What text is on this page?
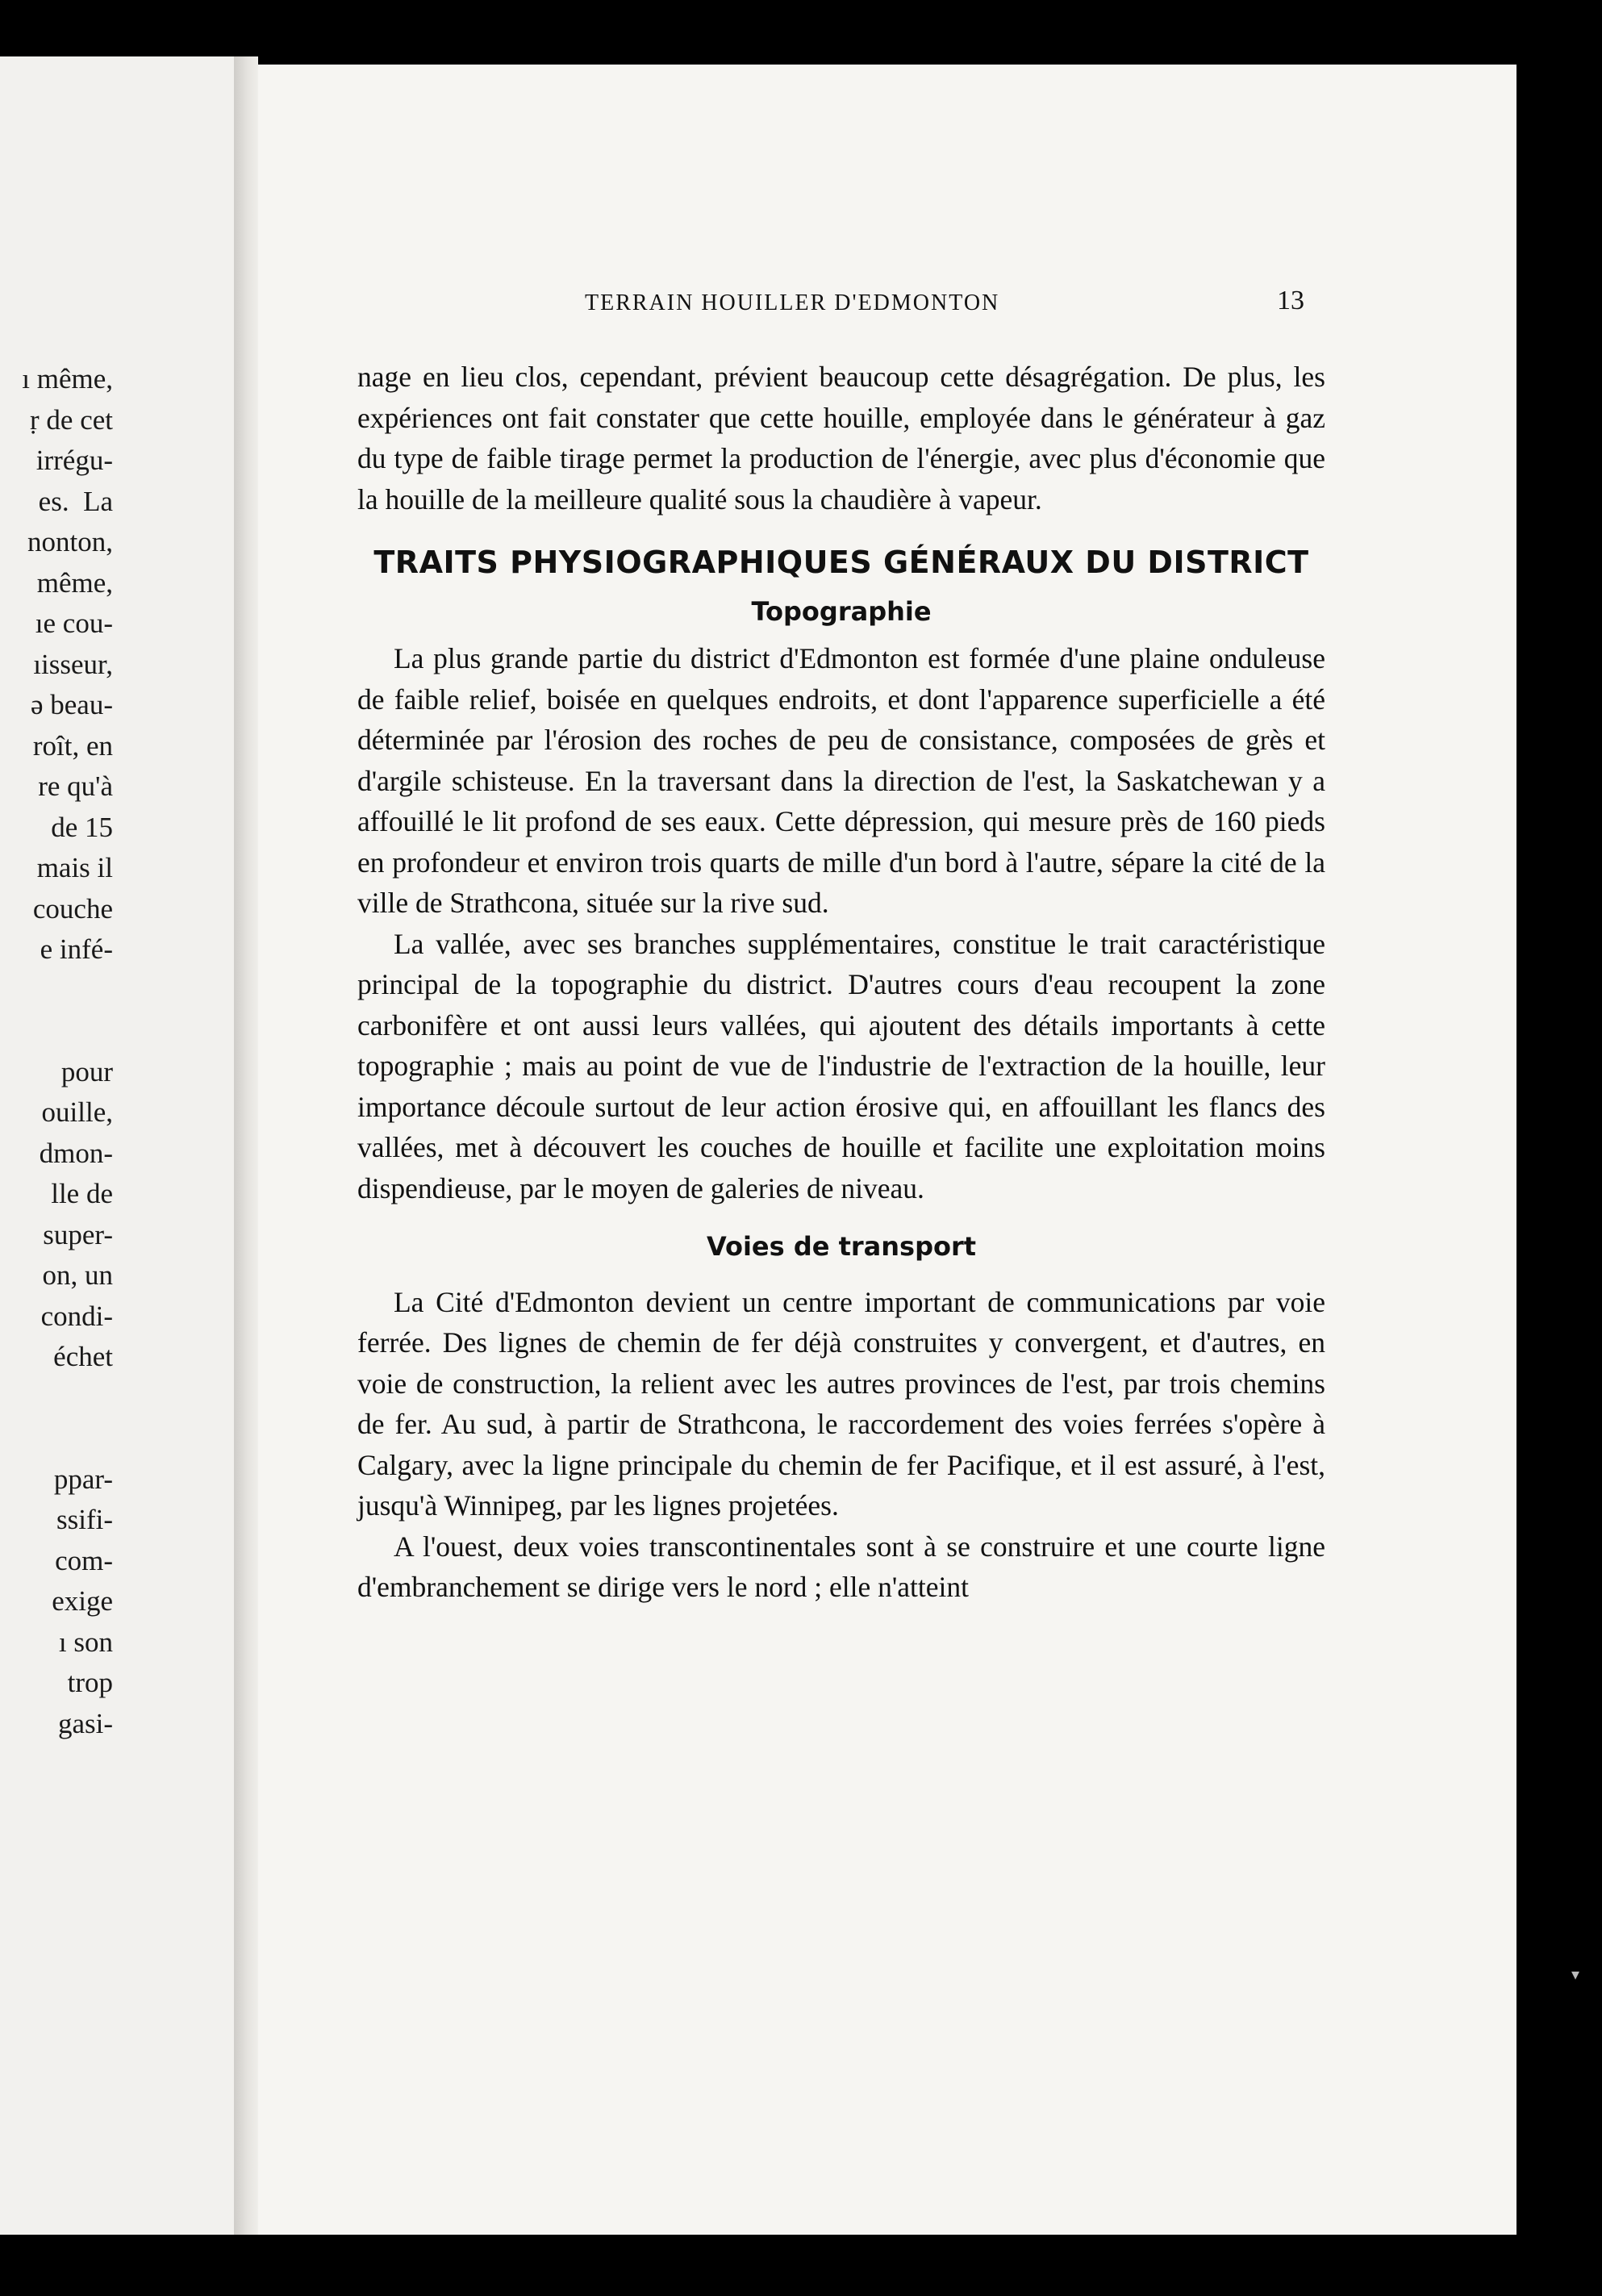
ı même,
ṛ de cet
irrégu-
es.  La
nonton,
même,
ıe cou-
ıisseur,
ə beau-
roît, en
re qu'à
de 15
mais il
couche
e infé-
pour
ouille,
dmon-
lle de
super-
on, un
condi-
échet
ppar-
ssifi-
com-
exige
ı son
trop
gasi-
TERRAIN HOUILLER D'EDMONTON	13

nage en lieu clos, cependant, prévient beaucoup cette désagrégation. De plus, les expériences ont fait constater que cette houille, employée dans le générateur à gaz du type de faible tirage permet la production de l'énergie, avec plus d'économie que la houille de la meilleure qualité sous la chaudière à vapeur.

TRAITS PHYSIOGRAPHIQUES GÉNÉRAUX DU DISTRICT
Topographie

La plus grande partie du district d'Edmonton est formée d'une plaine onduleuse de faible relief, boisée en quelques endroits, et dont l'apparence superficielle a été déterminée par l'érosion des roches de peu de consistance, composées de grès et d'argile schisteuse. En la traversant dans la direction de l'est, la Saskatchewan y a affouillé le lit profond de ses eaux. Cette dépression, qui mesure près de 160 pieds en profondeur et environ trois quarts de mille d'un bord à l'autre, sépare la cité de la ville de Strathcona, située sur la rive sud.

La vallée, avec ses branches supplémentaires, constitue le trait caractéristique principal de la topographie du district. D'autres cours d'eau recoupent la zone carbonifère et ont aussi leurs vallées, qui ajoutent des détails importants à cette topographie ; mais au point de vue de l'industrie de l'extraction de la houille, leur importance découle surtout de leur action érosive qui, en affouillant les flancs des vallées, met à découvert les couches de houille et facilite une exploitation moins dispendieuse, par le moyen de galeries de niveau.

Voies de transport

La Cité d'Edmonton devient un centre important de communications par voie ferrée. Des lignes de chemin de fer déjà construites y convergent, et d'autres, en voie de construction, la relient avec les autres provinces de l'est, par trois chemins de fer. Au sud, à partir de Strathcona, le raccordement des voies ferrées s'opère à Calgary, avec la ligne principale du chemin de fer Pacifique, et il est assuré, à l'est, jusqu'à Winnipeg, par les lignes projetées.

A l'ouest, deux voies transcontinentales sont à se construire et une courte ligne d'embranchement se dirige vers le nord ; elle n'atteint

▾
